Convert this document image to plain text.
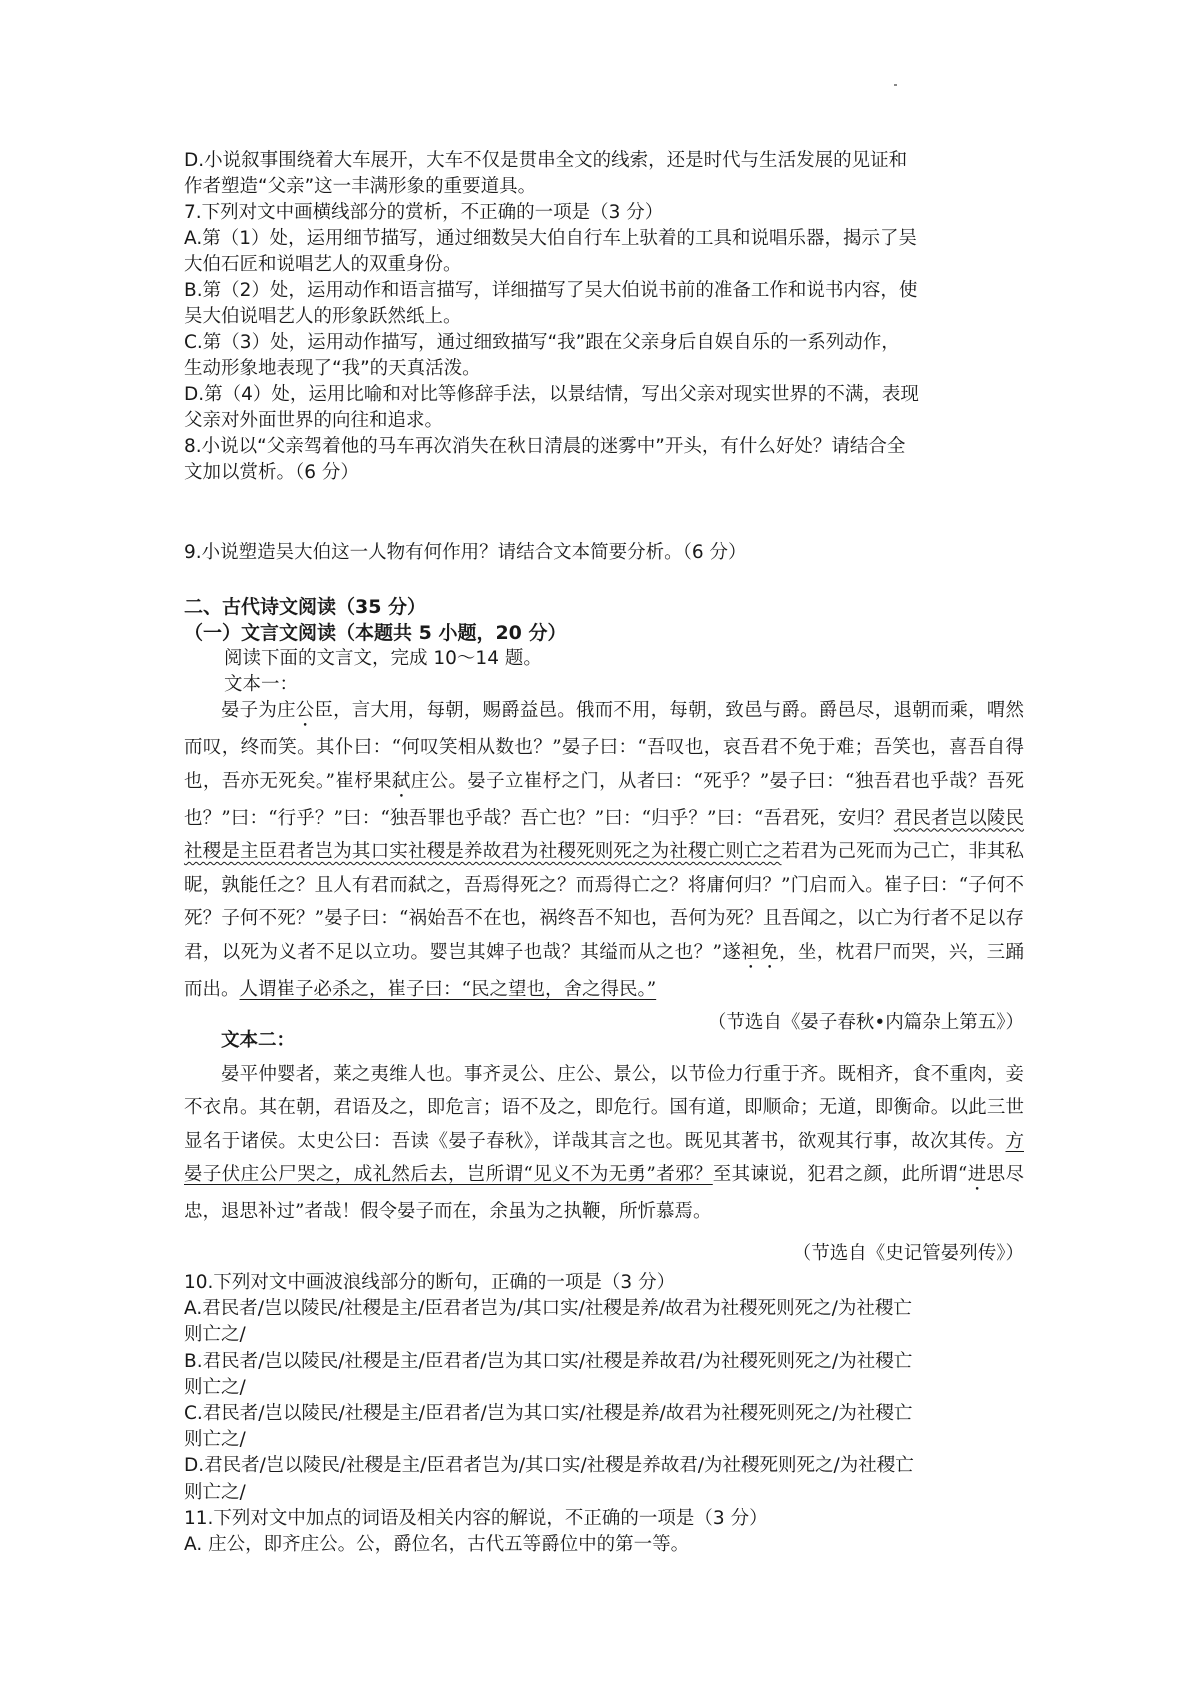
D.小说叙事围绕着大车展开，大车不仅是贯串全文的线索，还是时代与生活发展的见证和

作者塑造“父亲”这一丰满形象的重要道具。

7.下列对文中画横线部分的赏析，不正确的一项是（3 分）

A.第（1）处，运用细节描写，通过细数吴大伯自行车上驮着的工具和说唱乐器，揭示了吴

大伯石匠和说唱艺人的双重身份。

B.第（2）处，运用动作和语言描写，详细描写了吴大伯说书前的准备工作和说书内容，使

吴大伯说唱艺人的形象跃然纸上。

C.第（3）处，运用动作描写，通过细致描写“我”跟在父亲身后自娱自乐的一系列动作，

生动形象地表现了“我”的天真活泼。

D.第（4）处，运用比喻和对比等修辞手法，以景结情，写出父亲对现实世界的不满，表现

父亲对外面世界的向往和追求。

8.小说以“父亲驾着他的马车再次消失在秋日清晨的迷雾中”开头，有什么好处？请结合全

文加以赏析。（6 分）

9.小说塑造吴大伯这一人物有何作用？请结合文本简要分析。（6 分）

二、古代诗文阅读（35 分）

（一）文言文阅读（本题共 5 小题，20 分）

阅读下面的文言文，完成 10～14 题。

文本一：

晏子为庄公臣，言大用，每朝，赐爵益邑。俄而不用，每朝，致邑与爵。爵邑尽，退朝而乘，喟然而叹，终而笑。其仆曰：“何叹笑相从数也？”晏子曰：“吾叹也，哀吾君不免于难；吾笑也，喜吾自得也，吾亦无死矣。”崔杼果弑庄公。晏子立崔杼之门，从者曰：“死乎？”晏子曰：“独吾君也乎哉？吾死也？”曰：“行乎？”曰：“独吾罪也乎哉？吾亡也？”曰：“归乎？”曰：“吾君死，安归？君民者岂以陵民社稷是主臣君者岂为其口实社稷是养故君为社稷死则死之为社稷亡则亡之若君为己死而为己亡，非其私昵，孰能任之？且人有君而弑之，吾焉得死之？而焉得亡之？将庸何归？”门启而入。崔子曰：“子何不死？子何不死？”晏子曰：“祸始吾不在也，祸终吾不知也，吾何为死？且吾闻之，以亡为行者不足以存君，以死为义者不足以立功。婴岂其婢子也哉？其缢而从之也？”遂袒免，坐，枕君尸而哭，兴，三踊而出。人谓崔子必杀之，崔子曰：“民之望也，舍之得民。”

（节选自《晏子春秋•内篇杂上第五》）

文本二：

晏平仲婴者，莱之夷维人也。事齐灵公、庄公、景公，以节俭力行重于齐。既相齐，食不重肉，妾不衣帛。其在朝，君语及之，即危言；语不及之，即危行。国有道，即顺命；无道，即衡命。以此三世显名于诸侯。太史公曰：吾读《晏子春秋》，详哉其言之也。既见其著书，欲观其行事，故次其传。方晏子伏庄公尸哭之，成礼然后去，岂所谓“见义不为无勇”者邪？至其谏说，犯君之颜，此所谓“进思尽忠，退思补过”者哉！假令晏子而在，余虽为之执鞭，所忻慕焉。

（节选自《史记管晏列传》）

10.下列对文中画波浪线部分的断句，正确的一项是（3 分）

A.君民者/岂以陵民/社稷是主/臣君者岂为/其口实/社稷是养/故君为社稷死则死之/为社稷亡

则亡之/

B.君民者/岂以陵民/社稷是主/臣君者/岂为其口实/社稷是养故君/为社稷死则死之/为社稷亡

则亡之/

C.君民者/岂以陵民/社稷是主/臣君者/岂为其口实/社稷是养/故君为社稷死则死之/为社稷亡

则亡之/

D.君民者/岂以陵民/社稷是主/臣君者岂为/其口实/社稷是养故君/为社稷死则死之/为社稷亡

则亡之/

11.下列对文中加点的词语及相关内容的解说，不正确的一项是（3 分）

A. 庄公，即齐庄公。公，爵位名，古代五等爵位中的第一等。
